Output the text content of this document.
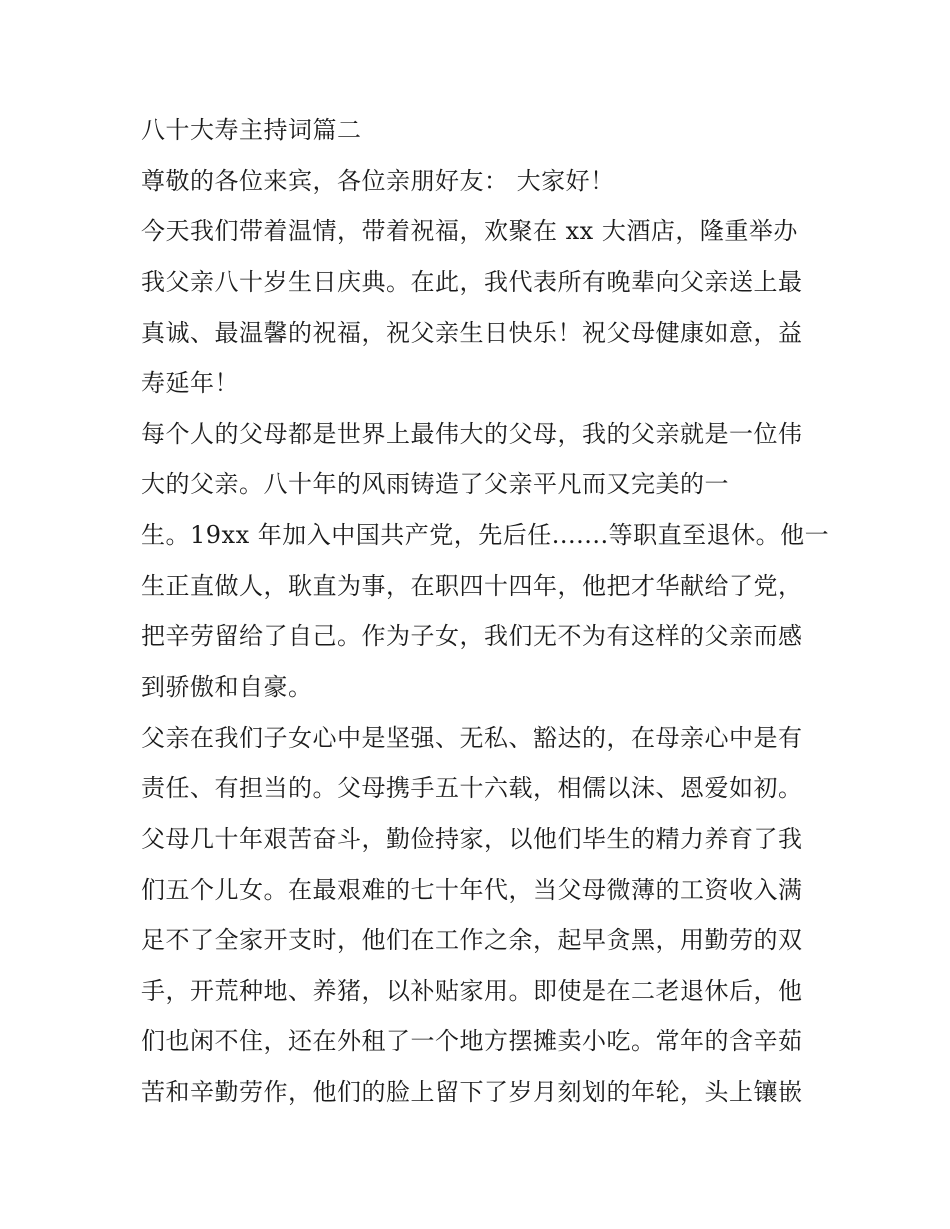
八十大寿主持词篇二

尊敬的各位来宾，各位亲朋好友： 大家好！

今天我们带着温情，带着祝福，欢聚在 xx 大酒店，隆重举办

我父亲八十岁生日庆典。在此，我代表所有晚辈向父亲送上最

真诚、最温馨的祝福，祝父亲生日快乐！祝父母健康如意，益

寿延年！

每个人的父母都是世界上最伟大的父母，我的父亲就是一位伟

大的父亲。八十年的风雨铸造了父亲平凡而又完美的一

生。19xx 年加入中国共产党，先后任.......等职直至退休。他一

生正直做人，耿直为事，在职四十四年，他把才华献给了党，

把辛劳留给了自己。作为子女，我们无不为有这样的父亲而感

到骄傲和自豪。

父亲在我们子女心中是坚强、无私、豁达的，在母亲心中是有

责任、有担当的。父母携手五十六载，相儒以沫、恩爱如初。

父母几十年艰苦奋斗，勤俭持家，以他们毕生的精力养育了我

们五个儿女。在最艰难的七十年代，当父母微薄的工资收入满

足不了全家开支时，他们在工作之余，起早贪黑，用勤劳的双

手，开荒种地、养猪，以补贴家用。即使是在二老退休后，他

们也闲不住，还在外租了一个地方摆摊卖小吃。常年的含辛茹

苦和辛勤劳作，他们的脸上留下了岁月刻划的年轮，头上镶嵌
